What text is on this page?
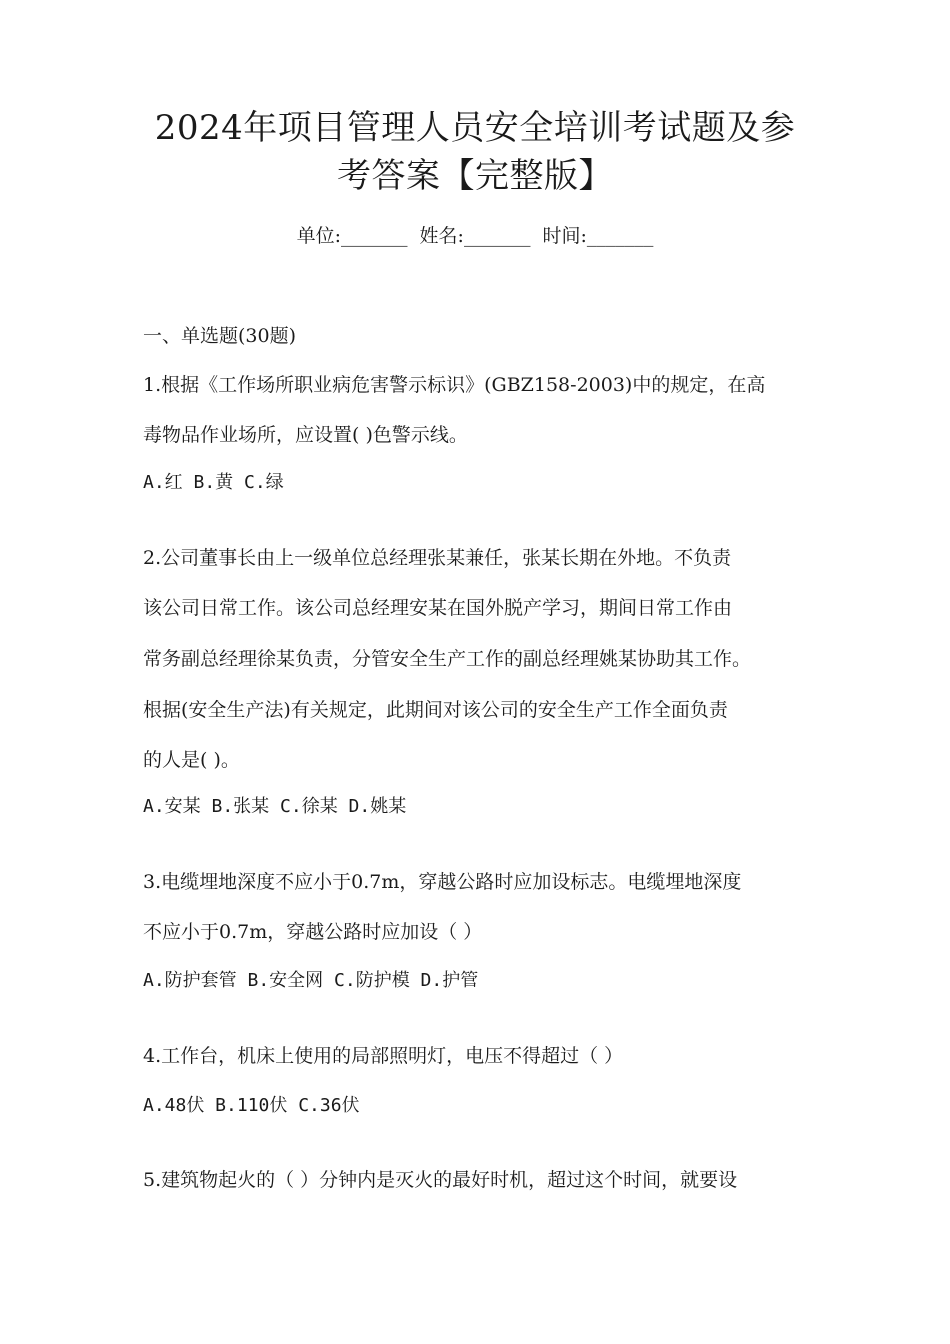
2024年项目管理人员安全培训考试题及参
考答案【完整版】
单位:_______ 姓名:_______ 时间:_______
一、单选题(30题)
1.根据《工作场所职业病危害警示标识》(GBZ158-2003)中的规定，在高
毒物品作业场所，应设置( )色警示线。
A.红 B.黄 C.绿
2.公司董事长由上一级单位总经理张某兼任，张某长期在外地。不负责
该公司日常工作。该公司总经理安某在国外脱产学习，期间日常工作由
常务副总经理徐某负责，分管安全生产工作的副总经理姚某协助其工作。
根据(安全生产法)有关规定，此期间对该公司的安全生产工作全面负责
的人是( )。
A.安某 B.张某 C.徐某 D.姚某
3.电缆埋地深度不应小于0.7m，穿越公路时应加设标志。电缆埋地深度
不应小于0.7m，穿越公路时应加设（ ）
A.防护套管 B.安全网 C.防护模 D.护管
4.工作台，机床上使用的局部照明灯，电压不得超过（ ）
A.48伏 B.110伏 C.36伏
5.建筑物起火的（ ）分钟内是灭火的最好时机，超过这个时间，就要设
